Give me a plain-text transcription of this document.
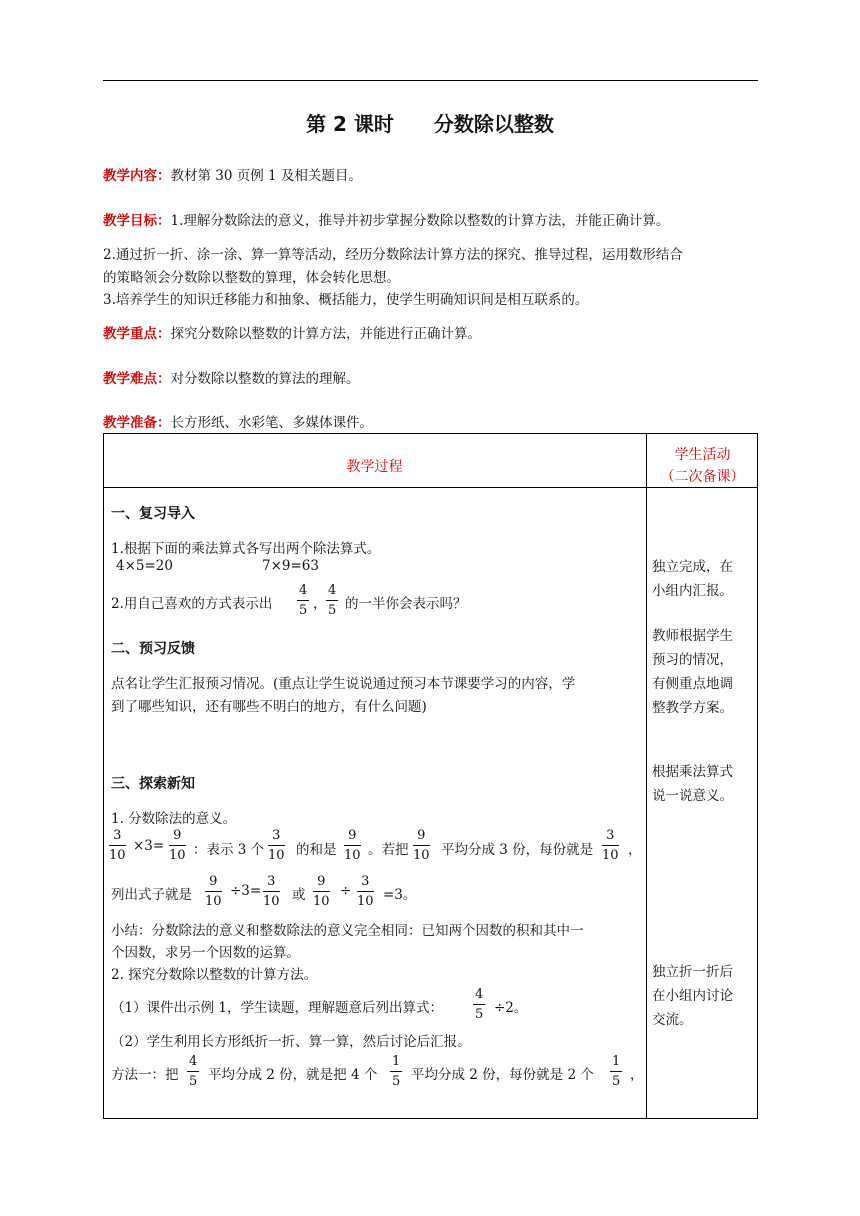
第 2 课时 分数除以整数
教学内容：教材第 30 页例 1 及相关题目。
教学目标：1.理解分数除法的意义，推导并初步掌握分数除以整数的计算方法，并能正确计算。
2.通过折一折、涂一涂、算一算等活动，经历分数除法计算方法的探究、推导过程，运用数形结合
的策略领会分数除以整数的算理，体会转化思想。
3.培养学生的知识迁移能力和抽象、概括能力，使学生明确知识间是相互联系的。
教学重点：探究分数除以整数的计算方法，并能进行正确计算。
教学难点：对分数除以整数的算法的理解。
教学准备：长方形纸、水彩笔、多媒体课件。
教学过程
学生活动
（二次备课）
一、复习导入
1.根据下面的乘法算式各写出两个除法算式。
4×5=20	7×9=63
2.用自己喜欢的方式表示出
4
5 ，
4
5 的一半你会表示吗？
二、预习反馈
点名让学生汇报预习情况。(重点让学生说说通过预习本节课要学习的内容，学
到了哪些知识，还有哪些不明白的地方，有什么问题)
三、探索新知
1. 分数除法的意义。
3
10
×3=
9
10 ：表示 3 个
3
10 的和是
9
10 。若把
9
10 平均分成 3 份，每份就是
3
10 ，
列出式子就是
9
10
÷3=
3
10 或
9
10
÷
3
10 =3。
小结：分数除法的意义和整数除法的意义完全相同：已知两个因数的积和其中一
个因数，求另一个因数的运算。
2. 探究分数除以整数的计算方法。
（1）课件出示例 1，学生读题，理解题意后列出算式：
4
5 ÷2。
（2）学生利用长方形纸折一折、算一算，然后讨论后汇报。
方法一：把
4
5 平均分成 2 份，就是把 4 个
1
5 平均分成 2 份，每份就是 2 个
1
5 ，
独立完成，在
小组内汇报。
教师根据学生
预习的情况，
有侧重点地调
整教学方案。
根据乘法算式
说一说意义。
独立折一折后
在小组内讨论
交流。
